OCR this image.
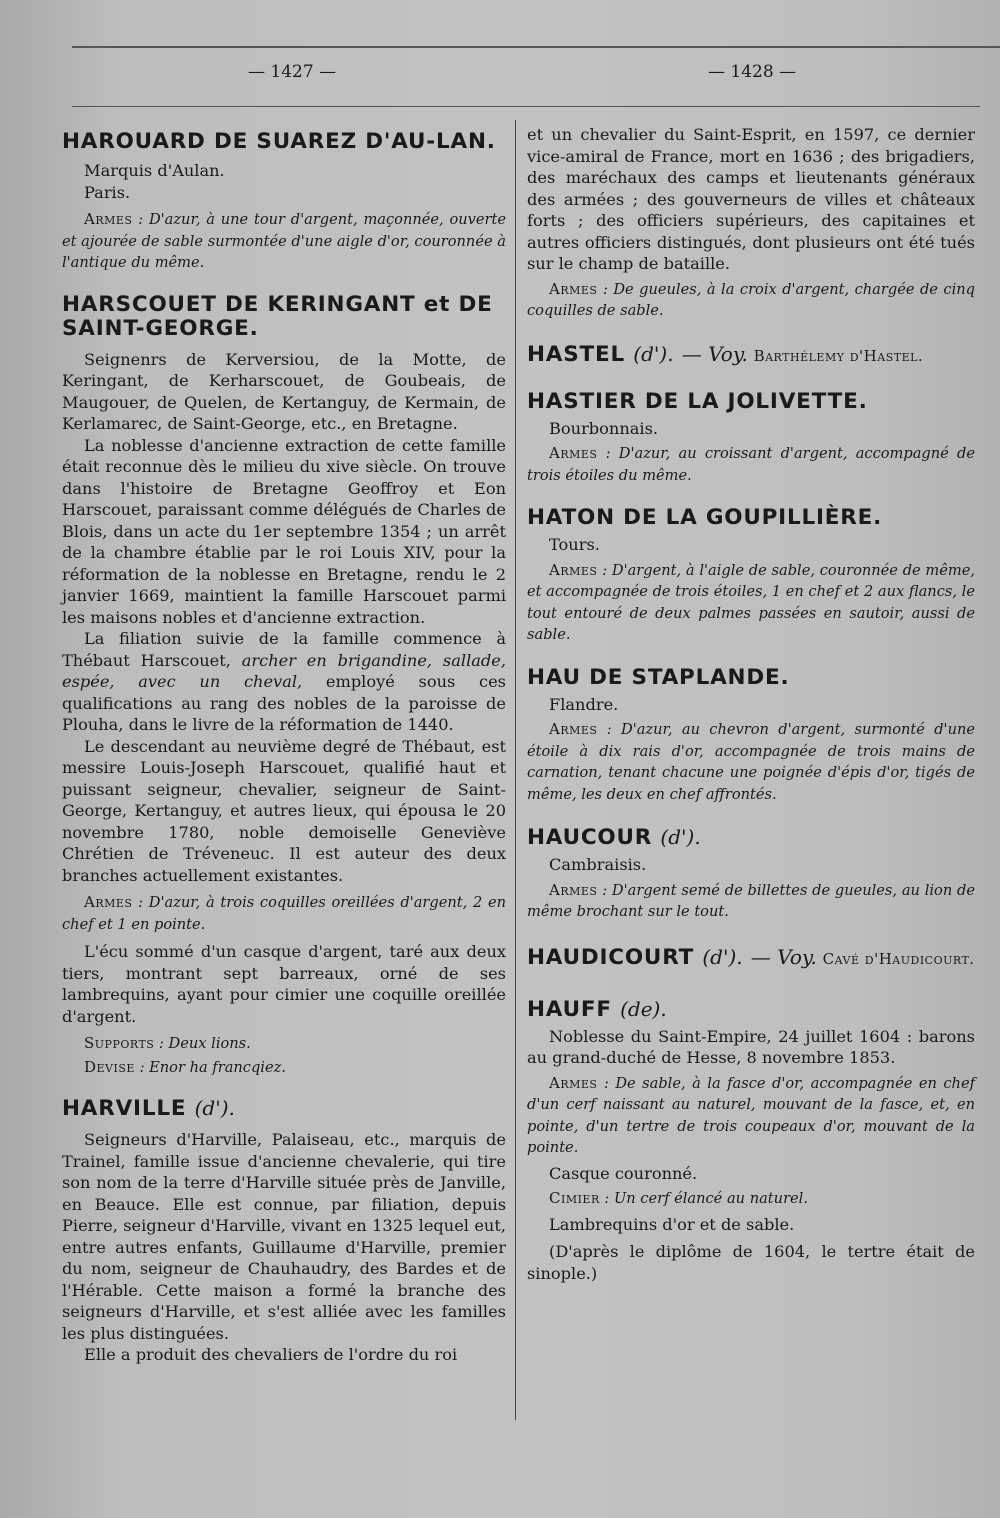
— 1427 —	— 1428 —
HAROUARD DE SUAREZ D'AU-LAN.

Marquis d'Aulan.

Paris.

Armes : D'azur, à une tour d'argent, maçonnée, ouverte et ajourée de sable surmontée d'une aigle d'or, couronnée à l'antique du même.

HARSCOUET DE KERINGANT et DE SAINT-GEORGE.

Seignenrs de Kerversiou, de la Motte, de Keringant, de Kerharscouet, de Goubeais, de Maugouer, de Quelen, de Kertanguy, de Kermain, de Kerlamarec, de Saint-George, etc., en Bretagne.

La noblesse d'ancienne extraction de cette famille était reconnue dès le milieu du xive siècle. On trouve dans l'histoire de Bretagne Geoffroy et Eon Harscouet, paraissant comme délégués de Charles de Blois, dans un acte du 1er septembre 1354 ; un arrêt de la chambre établie par le roi Louis XIV, pour la réformation de la noblesse en Bretagne, rendu le 2 janvier 1669, maintient la famille Harscouet parmi les maisons nobles et d'ancienne extraction.

La filiation suivie de la famille commence à Thébaut Harscouet, archer en brigandine, sallade, espée, avec un cheval, employé sous ces qualifications au rang des nobles de la paroisse de Plouha, dans le livre de la réformation de 1440.

Le descendant au neuvième degré de Thébaut, est messire Louis-Joseph Harscouet, qualifié haut et puissant seigneur, chevalier, seigneur de Saint-George, Kertanguy, et autres lieux, qui épousa le 20 novembre 1780, noble demoiselle Geneviève Chrétien de Tréveneuc. Il est auteur des deux branches actuellement existantes.

Armes : D'azur, à trois coquilles oreillées d'argent, 2 en chef et 1 en pointe.

L'écu sommé d'un casque d'argent, taré aux deux tiers, montrant sept barreaux, orné de ses lambrequins, ayant pour cimier une coquille oreillée d'argent.

Supports : Deux lions.

Devise : Enor ha francqiez.

HARVILLE (d').

Seigneurs d'Harville, Palaiseau, etc., marquis de Trainel, famille issue d'ancienne chevalerie, qui tire son nom de la terre d'Harville située près de Janville, en Beauce. Elle est connue, par filiation, depuis Pierre, seigneur d'Harville, vivant en 1325 lequel eut, entre autres enfants, Guillaume d'Harville, premier du nom, seigneur de Chauhaudry, des Bardes et de l'Hérable. Cette maison a formé la branche des seigneurs d'Harville, et s'est alliée avec les familles les plus distinguées.

Elle a produit des chevaliers de l'ordre du roi

et un chevalier du Saint-Esprit, en 1597, ce dernier vice-amiral de France, mort en 1636 ; des brigadiers, des maréchaux des camps et lieutenants généraux des armées ; des gouverneurs de villes et châteaux forts ; des officiers supérieurs, des capitaines et autres officiers distingués, dont plusieurs ont été tués sur le champ de bataille.

Armes : De gueules, à la croix d'argent, chargée de cinq coquilles de sable.

HASTEL (d'). — Voy. Barthélemy d'Hastel.
HASTIER DE LA JOLIVETTE.

Bourbonnais.

Armes : D'azur, au croissant d'argent, accompagné de trois étoiles du même.

HATON DE LA GOUPILLIÈRE.

Tours.

Armes : D'argent, à l'aigle de sable, couronnée de même, et accompagnée de trois étoiles, 1 en chef et 2 aux flancs, le tout entouré de deux palmes passées en sautoir, aussi de sable.

HAU DE STAPLANDE.

Flandre.

Armes : D'azur, au chevron d'argent, surmonté d'une étoile à dix rais d'or, accompagnée de trois mains de carnation, tenant chacune une poignée d'épis d'or, tigés de même, les deux en chef affrontés.

HAUCOUR (d').

Cambraisis.

Armes : D'argent semé de billettes de gueules, au lion de même brochant sur le tout.

HAUDICOURT (d'). — Voy. Cavé d'Haudicourt.
HAUFF (de).

Noblesse du Saint-Empire, 24 juillet 1604 : barons au grand-duché de Hesse, 8 novembre 1853.

Armes : De sable, à la fasce d'or, accompagnée en chef d'un cerf naissant au naturel, mouvant de la fasce, et, en pointe, d'un tertre de trois coupeaux d'or, mouvant de la pointe.

Casque couronné.

Cimier : Un cerf élancé au naturel.

Lambrequins d'or et de sable.

(D'après le diplôme de 1604, le tertre était de sinople.)
